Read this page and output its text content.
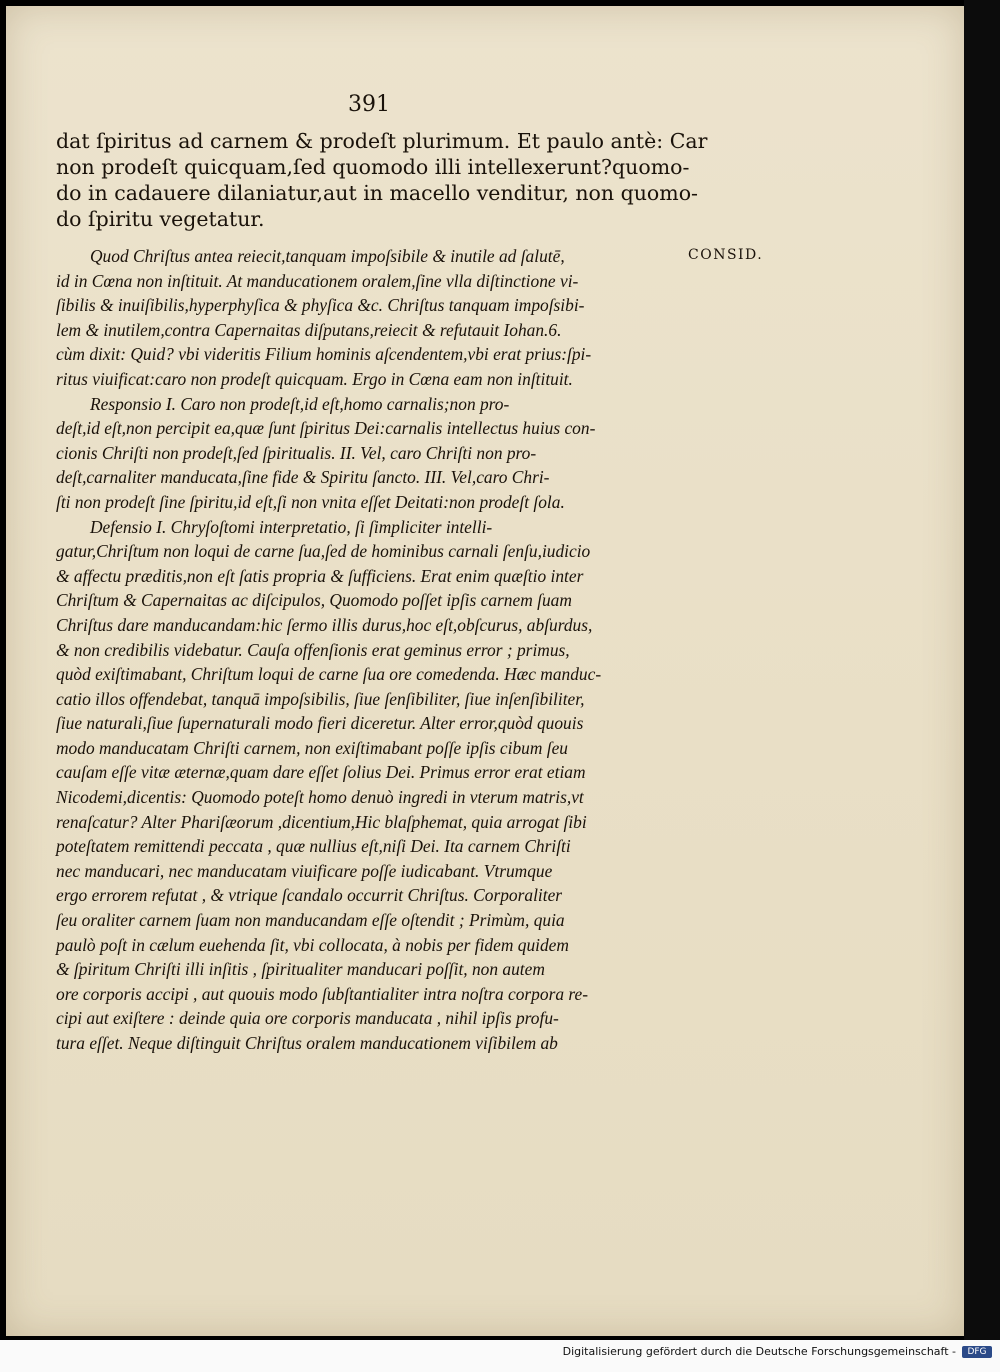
391
CONSID.
dat ſpiritus ad carnem & prodeſt plurimum. Et paulo antè: Car
non prodeſt quicquam,ſed quomodo illi intellexerunt?quomo-
do in cadauere dilaniatur,aut in macello venditur, non quomo-
do ſpiritu vegetatur.
Quod Chriſtus antea reiecit,tanquam impoſsibile & inutile ad ſalutē,
id in Cœna non inſtituit. At manducationem oralem,ſine vlla diſtinctione vi-
ſibilis & inuiſibilis,hyperphyſica & phyſica &c. Chriſtus tanquam impoſsibi-
lem & inutilem,contra Capernaitas diſputans,reiecit & refutauit Iohan.6.
cùm dixit: Quid? vbi videritis Filium hominis aſcendentem,vbi erat prius:ſpi-
ritus viuificat:caro non prodeſt quicquam. Ergo in Cœna eam non inſtituit.
Responsio I. Caro non prodeſt,id eſt,homo carnalis;non pro-
deſt,id eſt,non percipit ea,quæ ſunt ſpiritus Dei:carnalis intellectus huius con-
cionis Chriſti non prodeſt,ſed ſpiritualis. II. Vel, caro Chriſti non pro-
deſt,carnaliter manducata,ſine fide & Spiritu ſancto. III. Vel,caro Chri-
ſti non prodeſt ſine ſpiritu,id eſt,ſi non vnita eſſet Deitati:non prodeſt ſola.
Defensio I. Chryſoſtomi interpretatio, ſi ſimpliciter intelli-
gatur,Chriſtum non loqui de carne ſua,ſed de hominibus carnali ſenſu,iudicio
& affectu præditis,non eſt ſatis propria & ſufficiens. Erat enim quæſtio inter
Chriſtum & Capernaitas ac diſcipulos, Quomodo poſſet ipſis carnem ſuam
Chriſtus dare manducandam:hic ſermo illis durus,hoc eſt,obſcurus, abſurdus,
& non credibilis videbatur. Cauſa offenſionis erat geminus error ; primus,
quòd exiſtimabant, Chriſtum loqui de carne ſua ore comedenda. Hæc manduc-
catio illos offendebat, tanquā impoſsibilis, ſiue ſenſibiliter, ſiue inſenſibiliter,
ſiue naturali,ſiue ſupernaturali modo fieri diceretur. Alter error,quòd quouis
modo manducatam Chriſti carnem, non exiſtimabant poſſe ipſis cibum ſeu
cauſam eſſe vitæ æternæ,quam dare eſſet ſolius Dei. Primus error erat etiam
Nicodemi,dicentis: Quomodo poteſt homo denuò ingredi in vterum matris,vt
renaſcatur? Alter Phariſæorum ,dicentium,Hic blaſphemat, quia arrogat ſibi
poteſtatem remittendi peccata , quæ nullius eſt,niſi Dei. Ita carnem Chriſti
nec manducari, nec manducatam viuificare poſſe iudicabant. Vtrumque
ergo errorem refutat , & vtrique ſcandalo occurrit Chriſtus. Corporaliter
ſeu oraliter carnem ſuam non manducandam eſſe oſtendit ; Primùm, quia
paulò poſt in cælum euehenda ſit, vbi collocata, à nobis per fidem quidem
& ſpiritum Chriſti illi inſitis , ſpiritualiter manducari poſſit, non autem
ore corporis accipi , aut quouis modo ſubſtantialiter intra noſtra corpora re-
cipi aut exiſtere : deinde quia ore corporis manducata , nihil ipſis profu-
tura eſſet. Neque diſtinguit Chriſtus oralem manducationem viſibilem ab
Digitalisierung gefördert durch die Deutsche Forschungsgemeinschaft -	DFG
